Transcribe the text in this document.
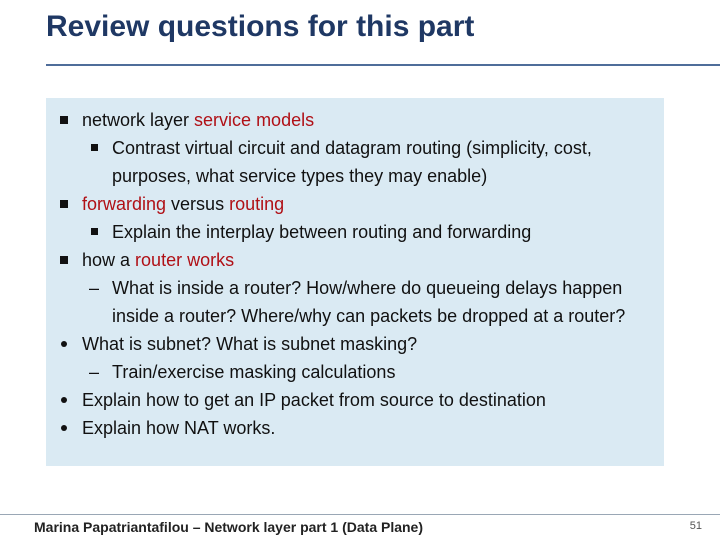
Review questions for this part
network layer service models
Contrast virtual circuit and datagram routing (simplicity, cost, purposes, what service types they may enable)
forwarding versus routing
Explain the interplay between routing and forwarding
how a router works
– What is inside a router? How/where do queueing delays happen inside a router? Where/why can packets be dropped at a router?
What is subnet? What is subnet masking?
– Train/exercise masking calculations
Explain how to get an IP packet from source to destination
Explain how NAT works.
Marina Papatriantafilou – Network layer part 1 (Data Plane)	51
